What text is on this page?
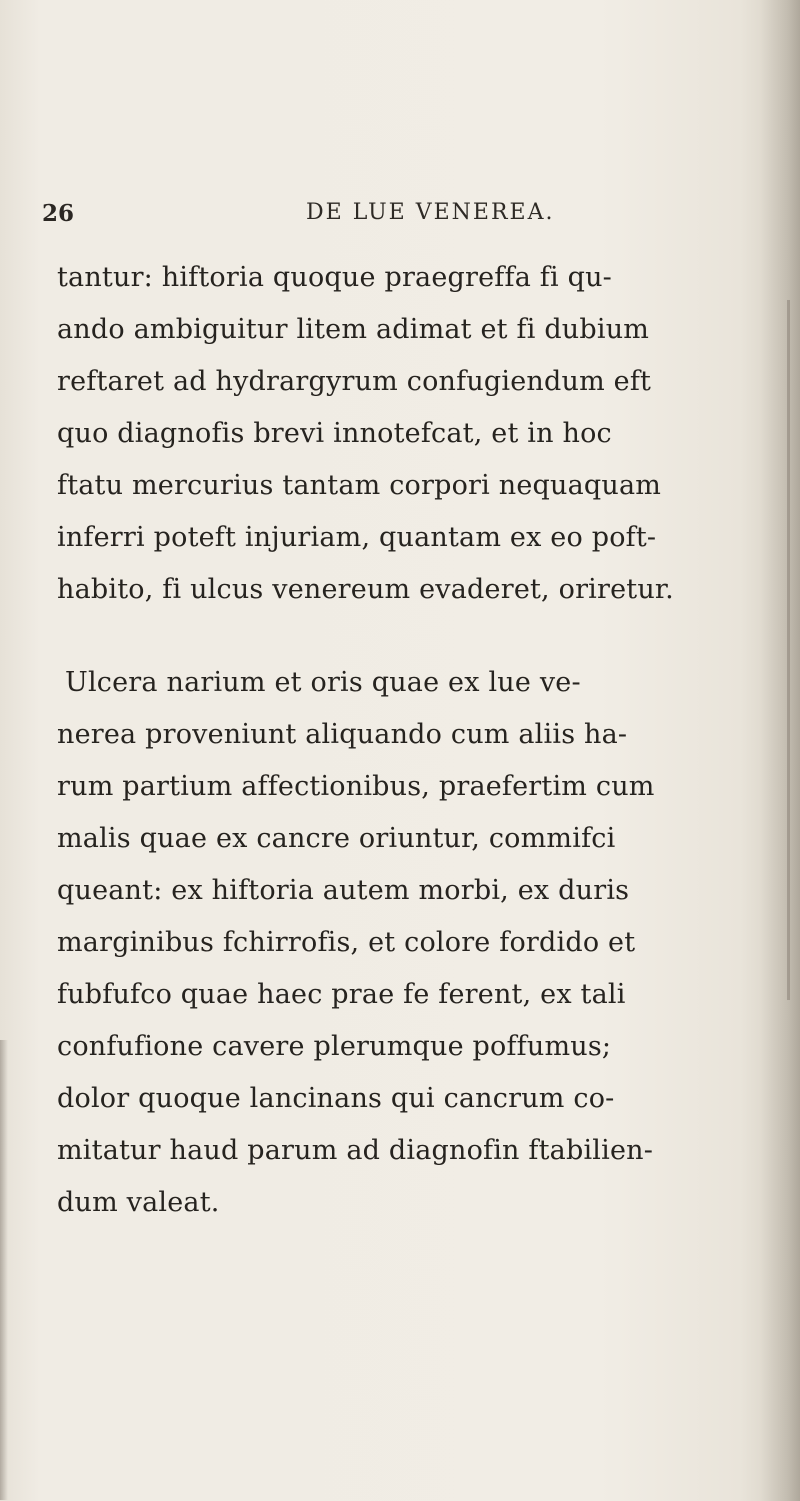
26	DE LUE VENEREA.
tantur: hiftoria quoque praegreffa fi qu-
ando ambiguitur litem adimat et fi dubium
reftaret ad hydrargyrum confugiendum eft
quo diagnofis brevi innotefcat, et in hoc
ftatu mercurius tantam corpori nequaquam
inferri poteft injuriam, quantam ex eo poft-
habito, fi ulcus venereum evaderet, oriretur.
Ulcera narium et oris quae ex lue ve-
nerea proveniunt aliquando cum aliis ha-
rum partium affectionibus, praefertim cum
malis quae ex cancre oriuntur, commifci
queant: ex hiftoria autem morbi, ex duris
marginibus fchirrofis, et colore fordido et
fubfufco quae haec prae fe ferent, ex tali
confufione cavere plerumque poffumus;
dolor quoque lancinans qui cancrum co-
mitatur haud parum ad diagnofin ftabilien-
dum valeat.
